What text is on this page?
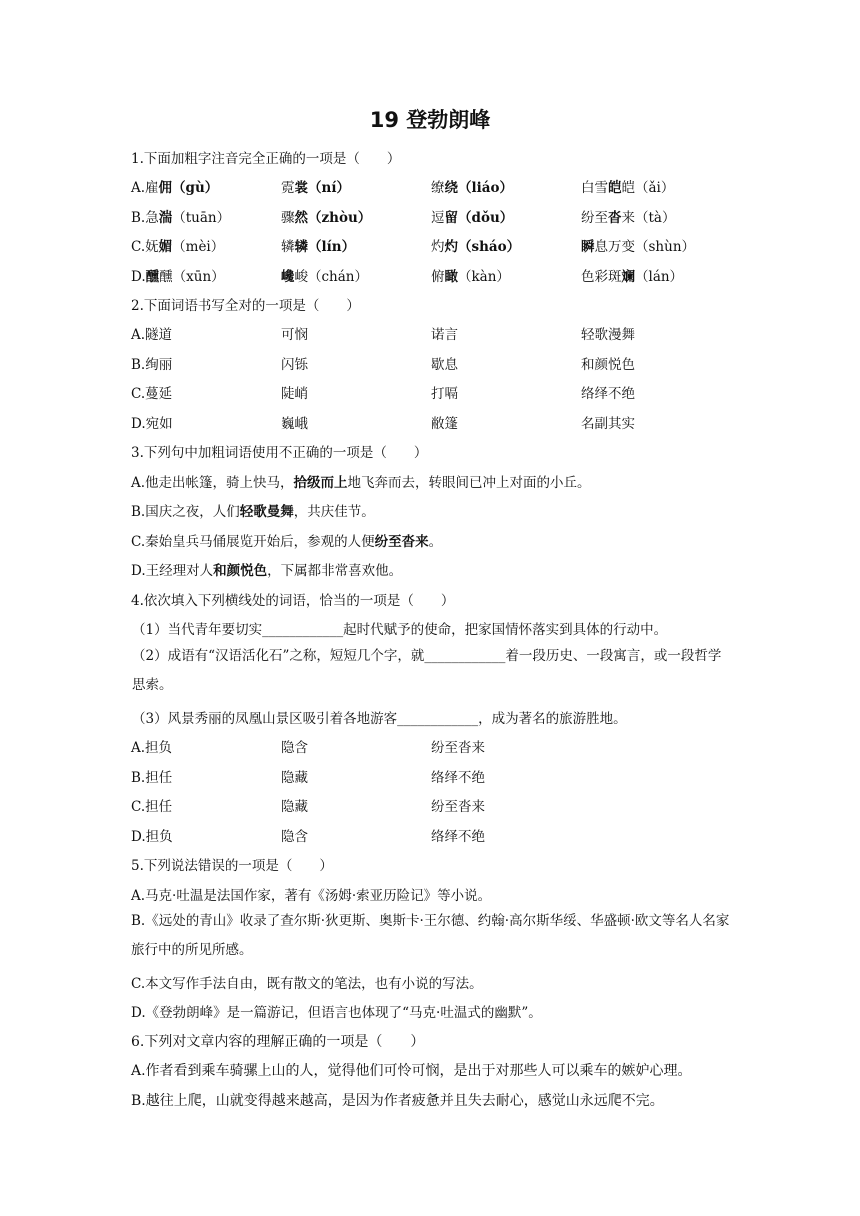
19 登勃朗峰
1.下面加粗字注音完全正确的一项是（　　）
A.雇佣（gù）	霓裳（ní）	缭绕（liáo）	白雪皑皑（ǎi）
B.急湍（tuān）	骤然（zhòu）	逗留（dǒu）	纷至沓来（tà）
C.妩媚（mèi）	辚辚（lín）	灼灼（sháo）	瞬息万变（shùn）
D.醺醺（xūn）	巉峻（chán）	俯瞰（kàn）	色彩斑斓（lán）
2.下面词语书写全对的一项是（　　）
A.隧道	可悯	诺言	轻歌漫舞
B.绚丽	闪铄	歇息	和颜悦色
C.蔓延	陡峭	打嗝	络绎不绝
D.宛如	巍峨	敝篷	名副其实
3.下列句中加粗词语使用不正确的一项是（　　）
A.他走出帐篷，骑上快马，拾级而上地飞奔而去，转眼间已冲上对面的小丘。
B.国庆之夜，人们轻歌曼舞，共庆佳节。
C.秦始皇兵马俑展览开始后，参观的人便纷至沓来。
D.王经理对人和颜悦色，下属都非常喜欢他。
4.依次填入下列横线处的词语，恰当的一项是（　　）
（1）当代青年要切实____________起时代赋予的使命，把家国情怀落实到具体的行动中。
（2）成语有“汉语活化石”之称，短短几个字，就____________着一段历史、一段寓言，或一段哲学思索。
（3）风景秀丽的凤凰山景区吸引着各地游客____________，成为著名的旅游胜地。
A.担负	隐含	纷至沓来
B.担任	隐藏	络绎不绝
C.担任	隐藏	纷至沓来
D.担负	隐含	络绎不绝
5.下列说法错误的一项是（　　）
A.马克·吐温是法国作家，著有《汤姆·索亚历险记》等小说。
B.《远处的青山》收录了查尔斯·狄更斯、奥斯卡·王尔德、约翰·高尔斯华绥、华盛顿·欧文等名人名家旅行中的所见所感。
C.本文写作手法自由，既有散文的笔法，也有小说的写法。
D.《登勃朗峰》是一篇游记，但语言也体现了“马克·吐温式的幽默”。
6.下列对文章内容的理解正确的一项是（　　）
A.作者看到乘车骑骡上山的人，觉得他们可怜可悯，是出于对那些人可以乘车的嫉妒心理。
B.越往上爬，山就变得越来越高，是因为作者疲惫并且失去耐心，感觉山永远爬不完。
